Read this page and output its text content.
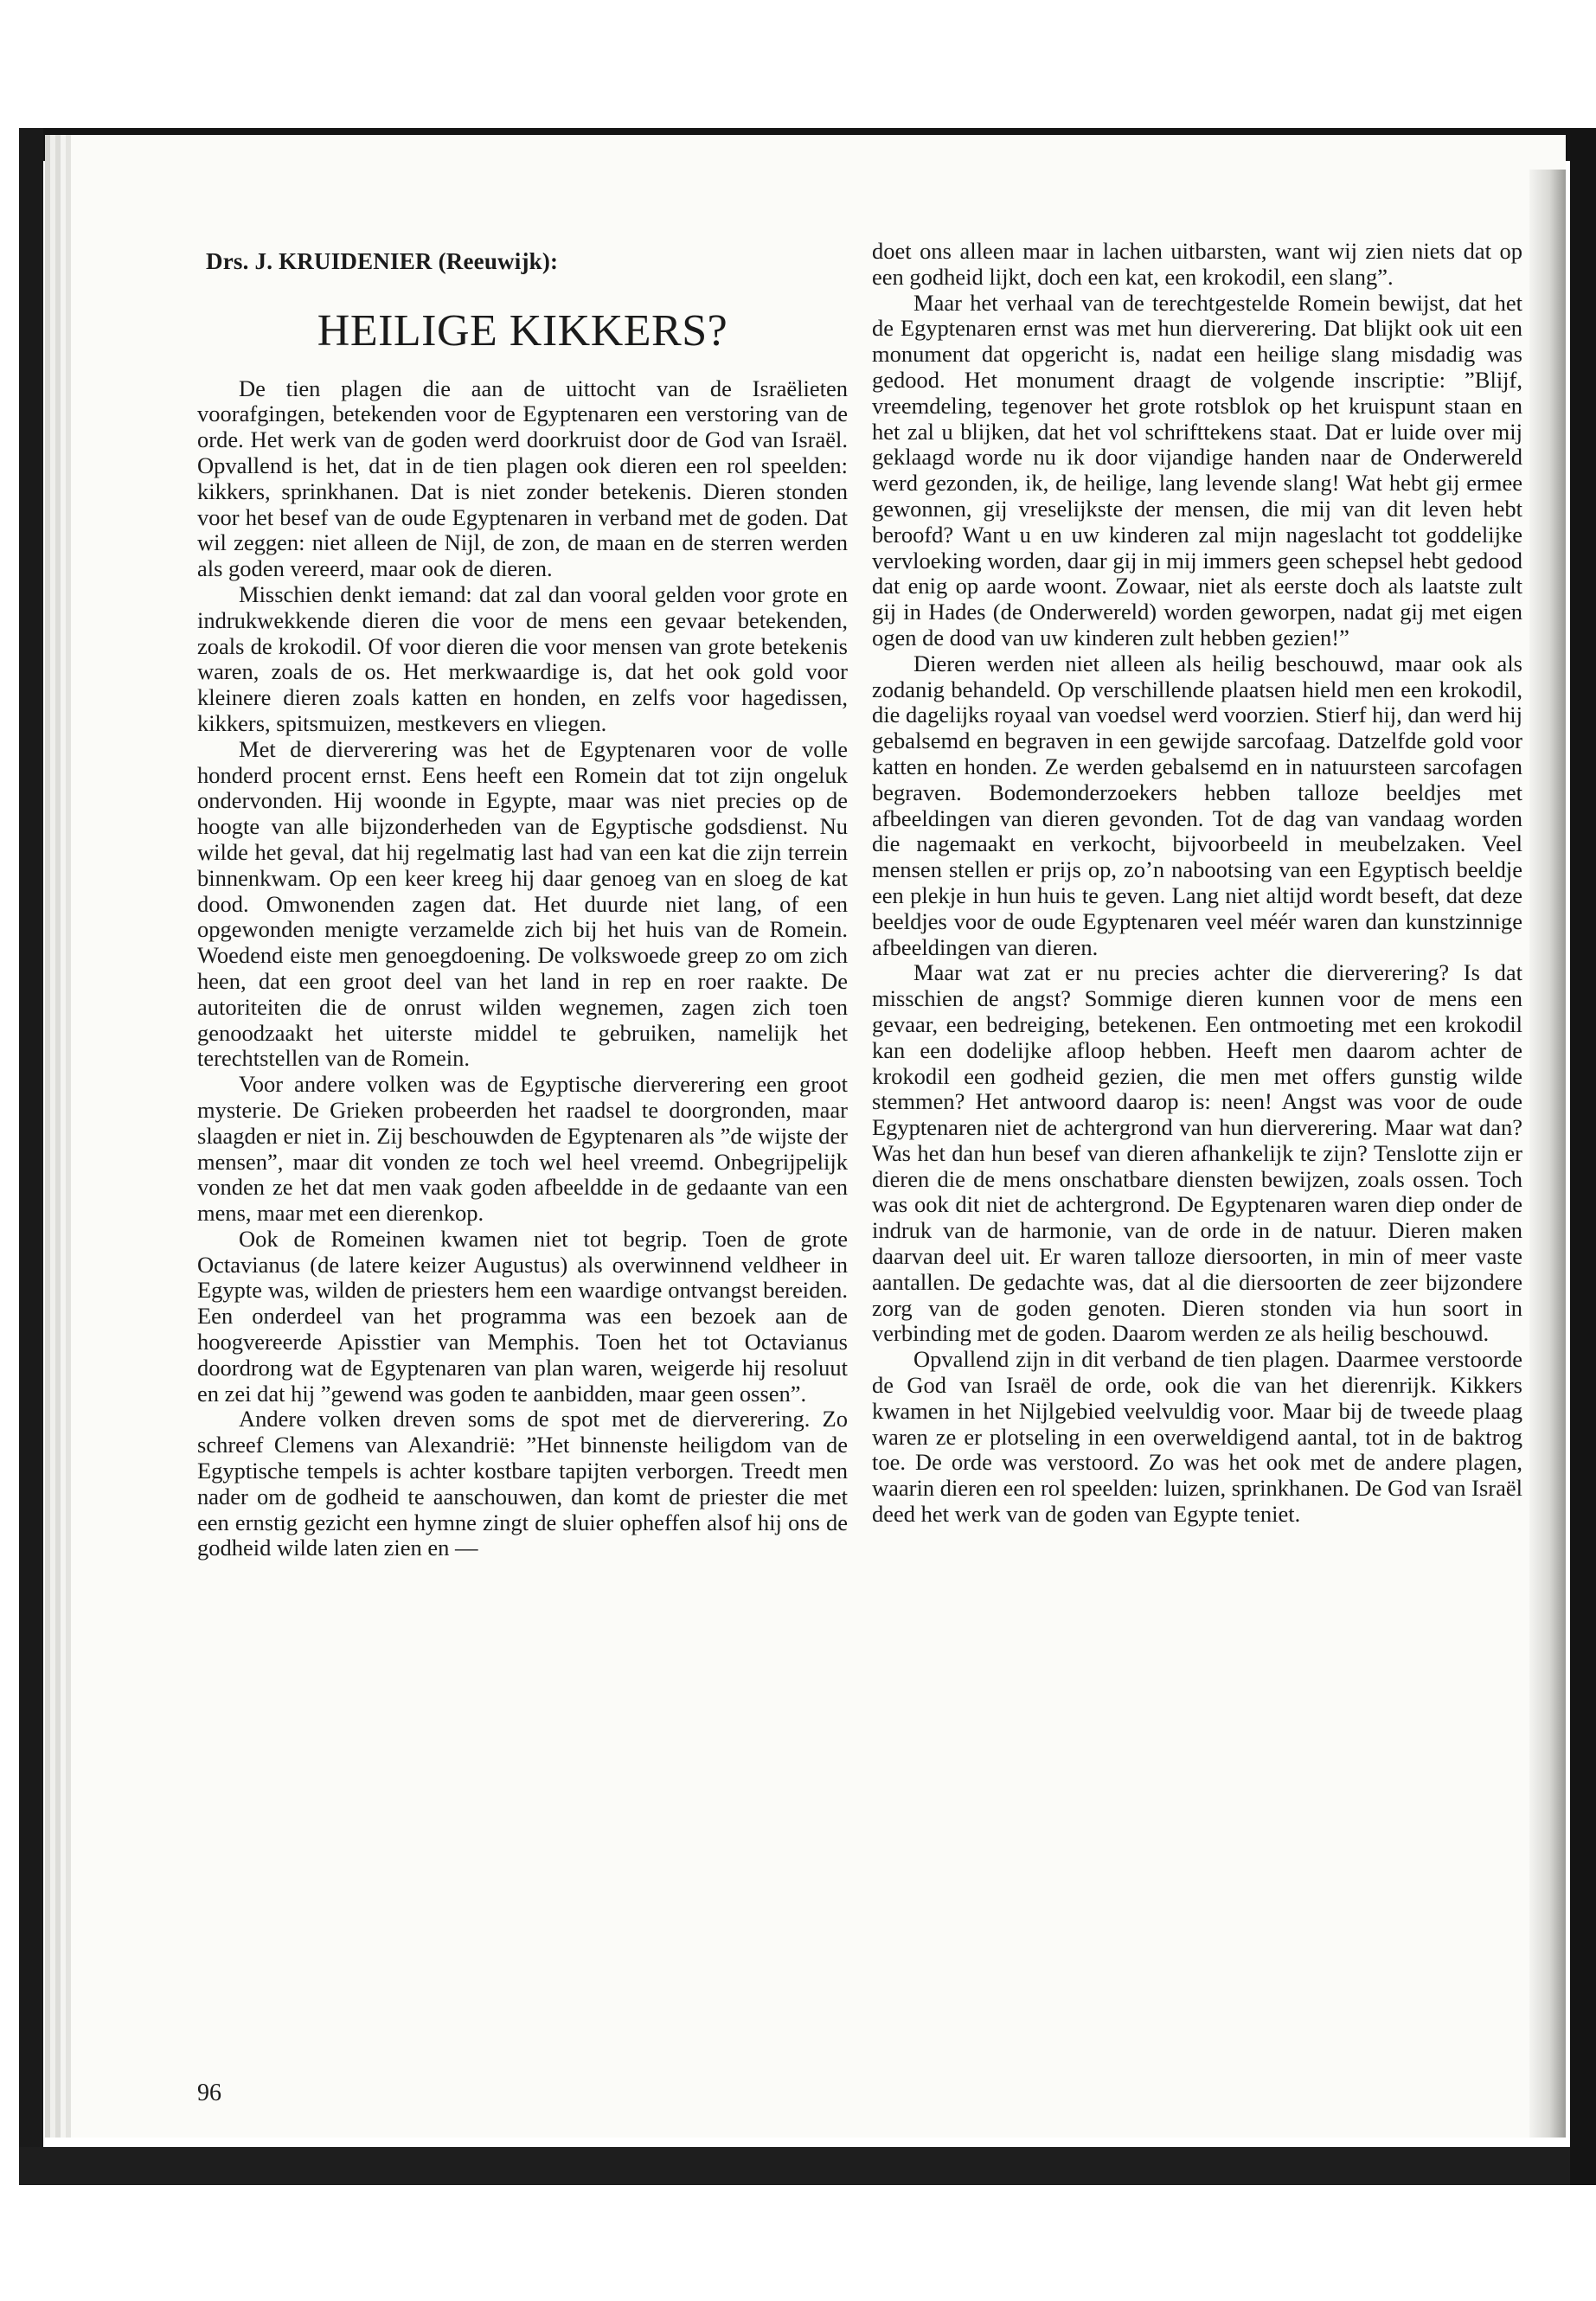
Drs. J. KRUIDENIER (Reeuwijk):
HEILIGE KIKKERS?

De tien plagen die aan de uittocht van de Israëlieten voorafgingen, betekenden voor de Egyptenaren een verstoring van de orde. Het werk van de goden werd doorkruist door de God van Israël. Opvallend is het, dat in de tien plagen ook dieren een rol speelden: kikkers, sprinkhanen. Dat is niet zonder betekenis. Dieren stonden voor het besef van de oude Egyptenaren in verband met de goden. Dat wil zeggen: niet alleen de Nijl, de zon, de maan en de sterren werden als goden vereerd, maar ook de dieren.

Misschien denkt iemand: dat zal dan vooral gelden voor grote en indrukwekkende dieren die voor de mens een gevaar betekenden, zoals de krokodil. Of voor dieren die voor mensen van grote betekenis waren, zoals de os. Het merkwaardige is, dat het ook gold voor kleinere dieren zoals katten en honden, en zelfs voor hagedissen, kikkers, spitsmuizen, mestkevers en vliegen.

Met de dierverering was het de Egyptenaren voor de volle honderd procent ernst. Eens heeft een Romein dat tot zijn ongeluk ondervonden. Hij woonde in Egypte, maar was niet precies op de hoogte van alle bijzonderheden van de Egyptische godsdienst. Nu wilde het geval, dat hij regelmatig last had van een kat die zijn terrein binnenkwam. Op een keer kreeg hij daar genoeg van en sloeg de kat dood. Omwonenden zagen dat. Het duurde niet lang, of een opgewonden menigte verzamelde zich bij het huis van de Romein. Woedend eiste men genoegdoening. De volkswoede greep zo om zich heen, dat een groot deel van het land in rep en roer raakte. De autoriteiten die de onrust wilden wegnemen, zagen zich toen genoodzaakt het uiterste middel te gebruiken, namelijk het terechtstellen van de Romein.

Voor andere volken was de Egyptische dierverering een groot mysterie. De Grieken probeerden het raadsel te doorgronden, maar slaagden er niet in. Zij beschouwden de Egyptenaren als ”de wijste der mensen”, maar dit vonden ze toch wel heel vreemd. Onbegrijpelijk vonden ze het dat men vaak goden afbeeldde in de gedaante van een mens, maar met een dierenkop.

Ook de Romeinen kwamen niet tot begrip. Toen de grote Octavianus (de latere keizer Augustus) als overwinnend veldheer in Egypte was, wilden de priesters hem een waardige ontvangst bereiden. Een onderdeel van het programma was een bezoek aan de hoogvereerde Apisstier van Memphis. Toen het tot Octavianus doordrong wat de Egyptenaren van plan waren, weigerde hij resoluut en zei dat hij ”gewend was goden te aanbidden, maar geen ossen”.

Andere volken dreven soms de spot met de dierverering. Zo schreef Clemens van Alexandrië: ”Het binnenste heiligdom van de Egyptische tempels is achter kostbare tapijten verborgen. Treedt men nader om de godheid te aanschouwen, dan komt de priester die met een ernstig gezicht een hymne zingt de sluier opheffen alsof hij ons de godheid wilde laten zien en —

96

doet ons alleen maar in lachen uitbarsten, want wij zien niets dat op een godheid lijkt, doch een kat, een krokodil, een slang”.

Maar het verhaal van de terechtgestelde Romein bewijst, dat het de Egyptenaren ernst was met hun dierverering. Dat blijkt ook uit een monument dat opgericht is, nadat een heilige slang misdadig was gedood. Het monument draagt de volgende inscriptie: ”Blijf, vreemdeling, tegenover het grote rotsblok op het kruispunt staan en het zal u blijken, dat het vol schrifttekens staat. Dat er luide over mij geklaagd worde nu ik door vijandige handen naar de Onderwereld werd gezonden, ik, de heilige, lang levende slang! Wat hebt gij ermee gewonnen, gij vreselijkste der mensen, die mij van dit leven hebt beroofd? Want u en uw kinderen zal mijn nageslacht tot goddelijke vervloeking worden, daar gij in mij immers geen schepsel hebt gedood dat enig op aarde woont. Zowaar, niet als eerste doch als laatste zult gij in Hades (de Onderwereld) worden geworpen, nadat gij met eigen ogen de dood van uw kinderen zult hebben gezien!”

Dieren werden niet alleen als heilig beschouwd, maar ook als zodanig behandeld. Op verschillende plaatsen hield men een krokodil, die dagelijks royaal van voedsel werd voorzien. Stierf hij, dan werd hij gebalsemd en begraven in een gewijde sarcofaag. Datzelfde gold voor katten en honden. Ze werden gebalsemd en in natuursteen sarcofagen begraven. Bodemonderzoekers hebben talloze beeldjes met afbeeldingen van dieren gevonden. Tot de dag van vandaag worden die nagemaakt en verkocht, bijvoorbeeld in meubelzaken. Veel mensen stellen er prijs op, zo’n nabootsing van een Egyptisch beeldje een plekje in hun huis te geven. Lang niet altijd wordt beseft, dat deze beeldjes voor de oude Egyptenaren veel méér waren dan kunstzinnige afbeeldingen van dieren.

Maar wat zat er nu precies achter die dierverering? Is dat misschien de angst? Sommige dieren kunnen voor de mens een gevaar, een bedreiging, betekenen. Een ontmoeting met een krokodil kan een dodelijke afloop hebben. Heeft men daarom achter de krokodil een godheid gezien, die men met offers gunstig wilde stemmen? Het antwoord daarop is: neen! Angst was voor de oude Egyptenaren niet de achtergrond van hun dierverering. Maar wat dan? Was het dan hun besef van dieren afhankelijk te zijn? Tenslotte zijn er dieren die de mens onschatbare diensten bewijzen, zoals ossen. Toch was ook dit niet de achtergrond. De Egyptenaren waren diep onder de indruk van de harmonie, van de orde in de natuur. Dieren maken daarvan deel uit. Er waren talloze diersoorten, in min of meer vaste aantallen. De gedachte was, dat al die diersoorten de zeer bijzondere zorg van de goden genoten. Dieren stonden via hun soort in verbinding met de goden. Daarom werden ze als heilig beschouwd.

Opvallend zijn in dit verband de tien plagen. Daarmee verstoorde de God van Israël de orde, ook die van het dierenrijk. Kikkers kwamen in het Nijlgebied veelvuldig voor. Maar bij de tweede plaag waren ze er plotseling in een overweldigend aantal, tot in de baktrog toe. De orde was verstoord. Zo was het ook met de andere plagen, waarin dieren een rol speelden: luizen, sprinkhanen. De God van Israël deed het werk van de goden van Egypte teniet.
